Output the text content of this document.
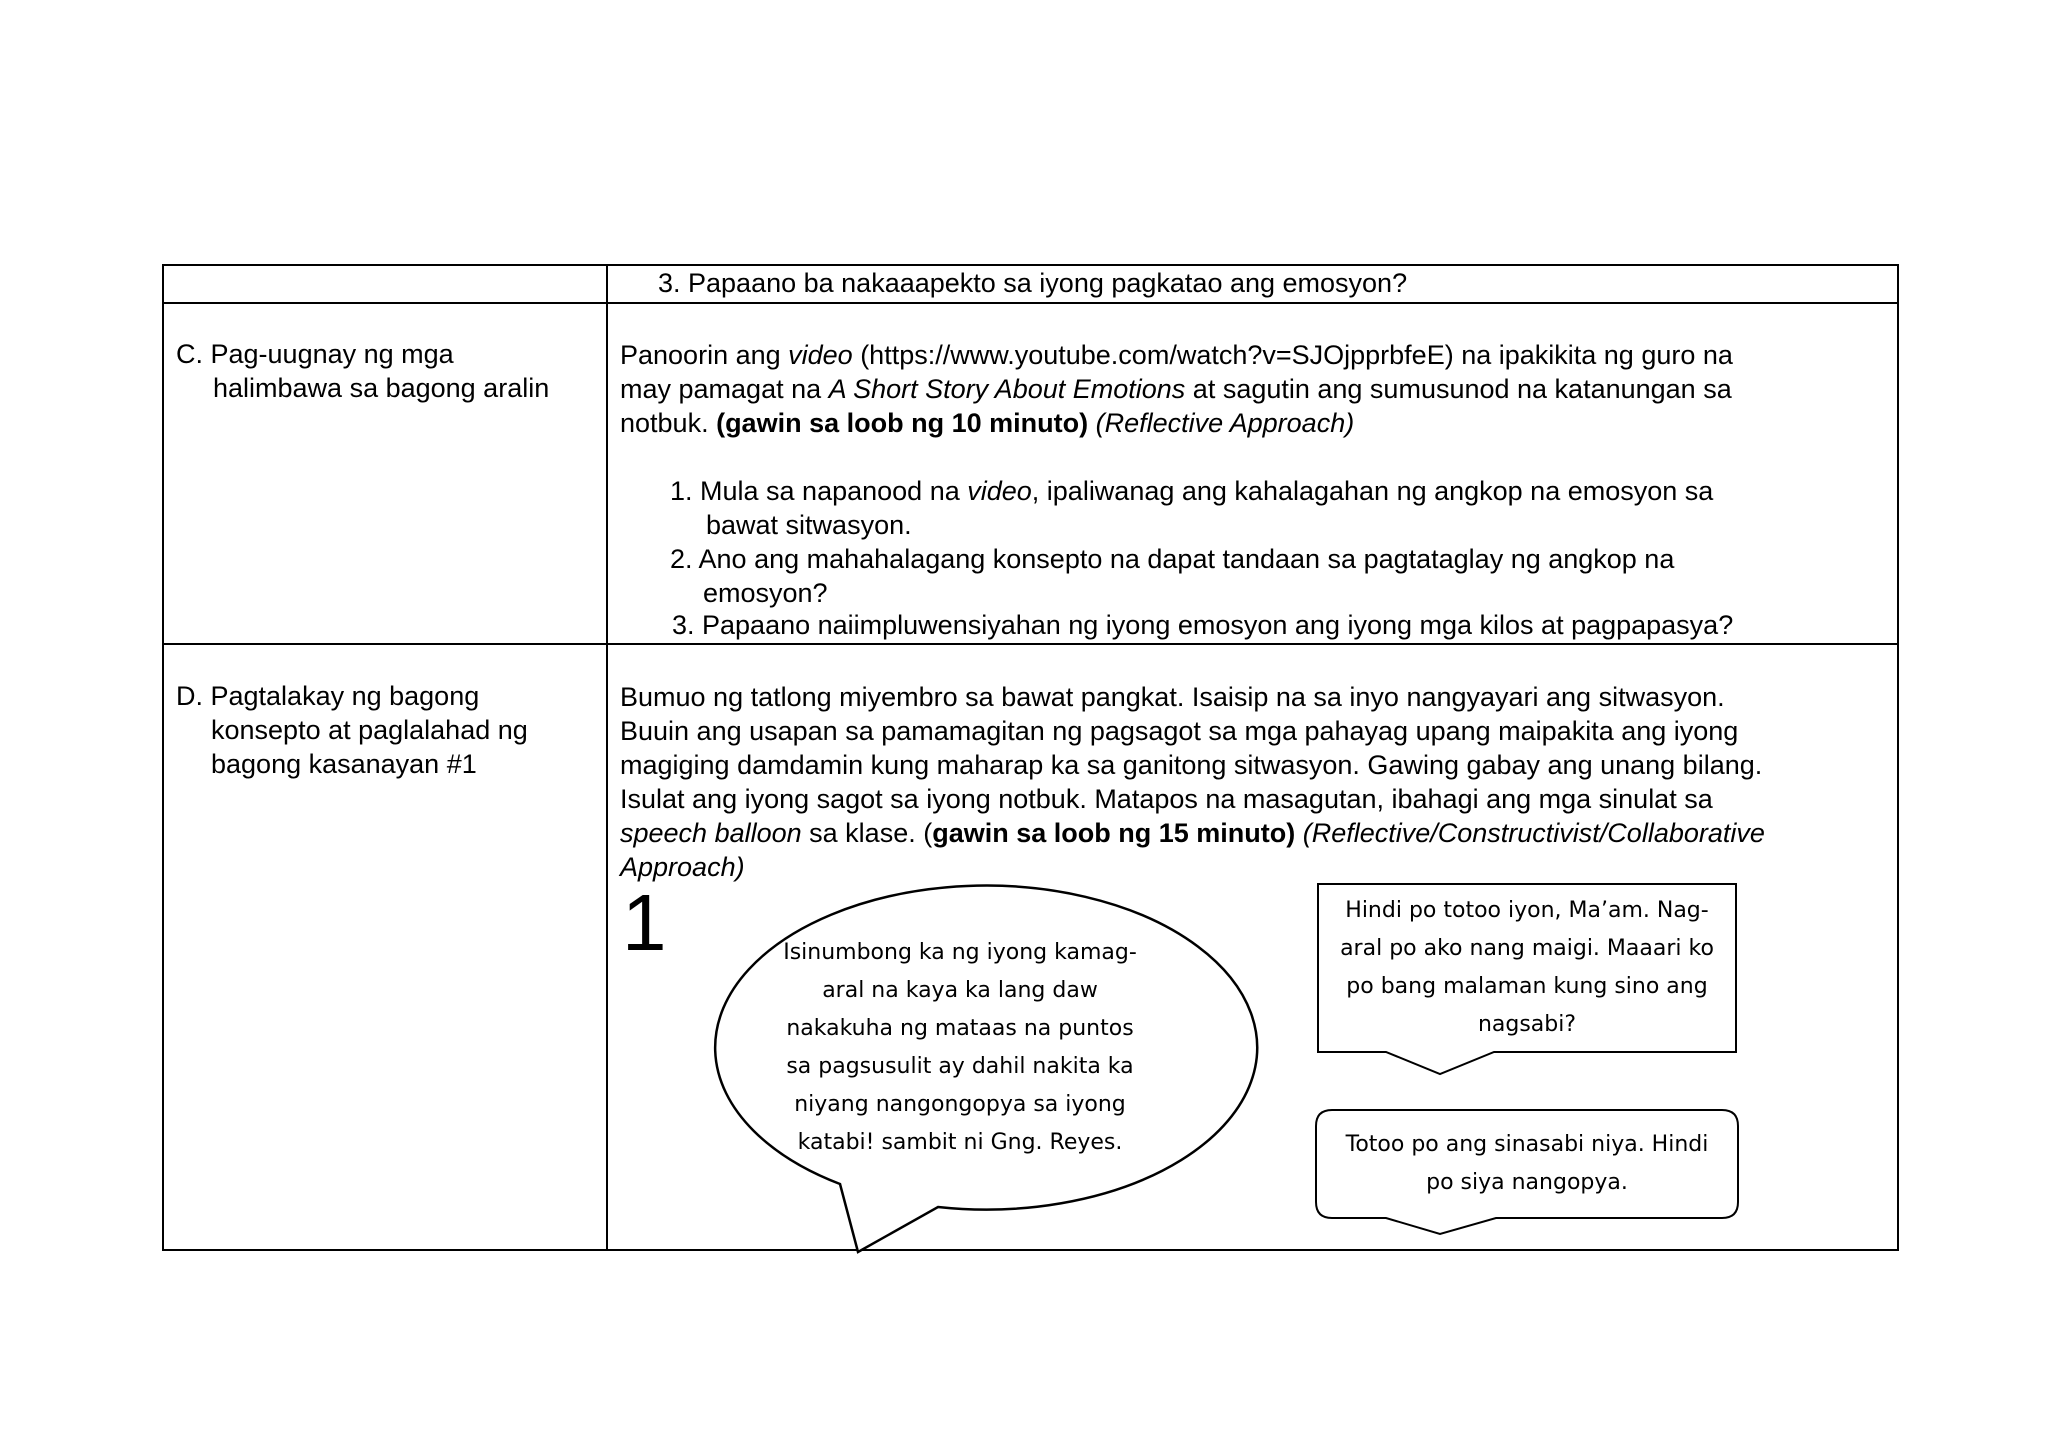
3. Papaano ba nakaaapekto sa iyong pagkatao ang emosyon?
C. Pag-uugnay ng mga
halimbawa sa bagong aralin
Panoorin ang video (https://www.youtube.com/watch?v=SJOjpprbfeE) na ipakikita ng guro na
may pamagat na A Short Story About Emotions at sagutin ang sumusunod na katanungan sa
notbuk. (gawin sa loob ng 10 minuto) (Reflective Approach)
1. Mula sa napanood na video, ipaliwanag ang kahalagahan ng angkop na emosyon sa
bawat sitwasyon.
2. Ano ang mahahalagang konsepto na dapat tandaan sa pagtataglay ng angkop na
emosyon?
3. Papaano naiimpluwensiyahan ng iyong emosyon ang iyong mga kilos at pagpapasya?
D. Pagtalakay ng bagong
konsepto at paglalahad ng
bagong kasanayan #1
Bumuo ng tatlong miyembro sa bawat pangkat. Isaisip na sa inyo nangyayari ang sitwasyon.
Buuin ang usapan sa pamamagitan ng pagsagot sa mga pahayag upang maipakita ang iyong
magiging damdamin kung maharap ka sa ganitong sitwasyon. Gawing gabay ang unang bilang.
Isulat ang iyong sagot sa iyong notbuk. Matapos na masagutan, ibahagi ang mga sinulat sa
speech balloon sa klase. (gawin sa loob ng 15 minuto) (Reflective/Constructivist/Collaborative
Approach)
1	Isinumbong ka ng iyong kamag-
aral na kaya ka lang daw
nakakuha ng mataas na puntos
sa pagsusulit ay dahil nakita ka
niyang nangongopya sa iyong
katabi! sambit ni Gng. Reyes.
Hindi po totoo iyon, Ma’am. Nag-
aral po ako nang maigi. Maaari ko
po bang malaman kung sino ang
nagsabi?
Totoo po ang sinasabi niya. Hindi
po siya nangopya.
